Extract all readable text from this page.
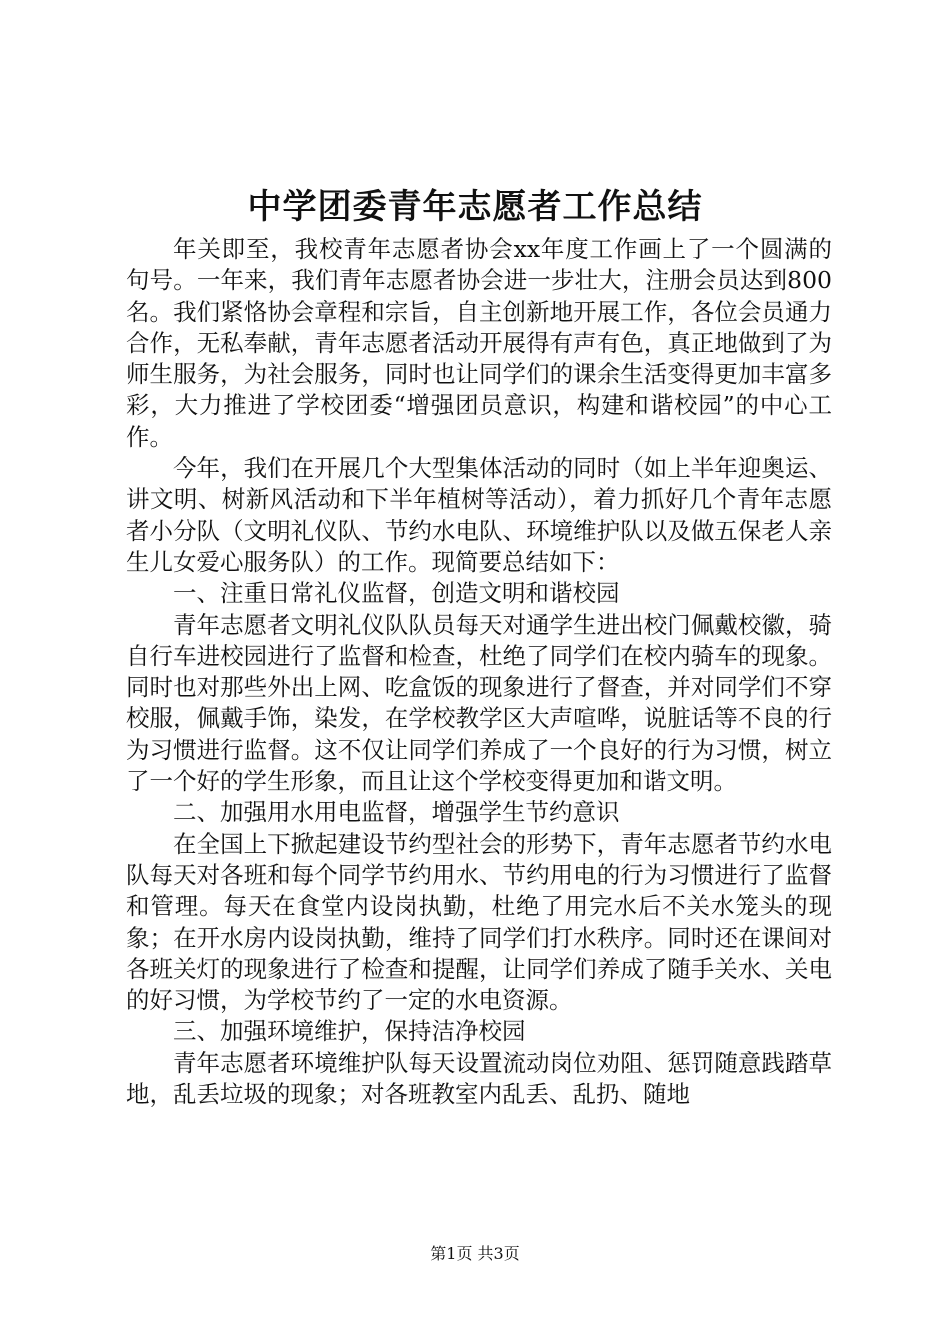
中学团委青年志愿者工作总结

年关即至，我校青年志愿者协会xx年度工作画上了一个圆满的句号。一年来，我们青年志愿者协会进一步壮大，注册会员达到800名。我们紧恪协会章程和宗旨，自主创新地开展工作，各位会员通力合作，无私奉献，青年志愿者活动开展得有声有色，真正地做到了为师生服务，为社会服务，同时也让同学们的课余生活变得更加丰富多彩，大力推进了学校团委“增强团员意识，构建和谐校园”的中心工作。

今年，我们在开展几个大型集体活动的同时（如上半年迎奥运、讲文明、树新风活动和下半年植树等活动），着力抓好几个青年志愿者小分队（文明礼仪队、节约水电队、环境维护队以及做五保老人亲生儿女爱心服务队）的工作。现简要总结如下：

一、注重日常礼仪监督，创造文明和谐校园

青年志愿者文明礼仪队队员每天对通学生进出校门佩戴校徽，骑自行车进校园进行了监督和检查，杜绝了同学们在校内骑车的现象。同时也对那些外出上网、吃盒饭的现象进行了督查，并对同学们不穿校服，佩戴手饰，染发，在学校教学区大声喧哗，说脏话等不良的行为习惯进行监督。这不仅让同学们养成了一个良好的行为习惯，树立了一个好的学生形象，而且让这个学校变得更加和谐文明。

二、加强用水用电监督，增强学生节约意识

在全国上下掀起建设节约型社会的形势下，青年志愿者节约水电队每天对各班和每个同学节约用水、节约用电的行为习惯进行了监督和管理。每天在食堂内设岗执勤，杜绝了用完水后不关水笼头的现象；在开水房内设岗执勤，维持了同学们打水秩序。同时还在课间对各班关灯的现象进行了检查和提醒，让同学们养成了随手关水、关电的好习惯，为学校节约了一定的水电资源。

三、加强环境维护，保持洁净校园

青年志愿者环境维护队每天设置流动岗位劝阻、惩罚随意践踏草地，乱丢垃圾的现象；对各班教室内乱丢、乱扔、随地

第1页 共3页
